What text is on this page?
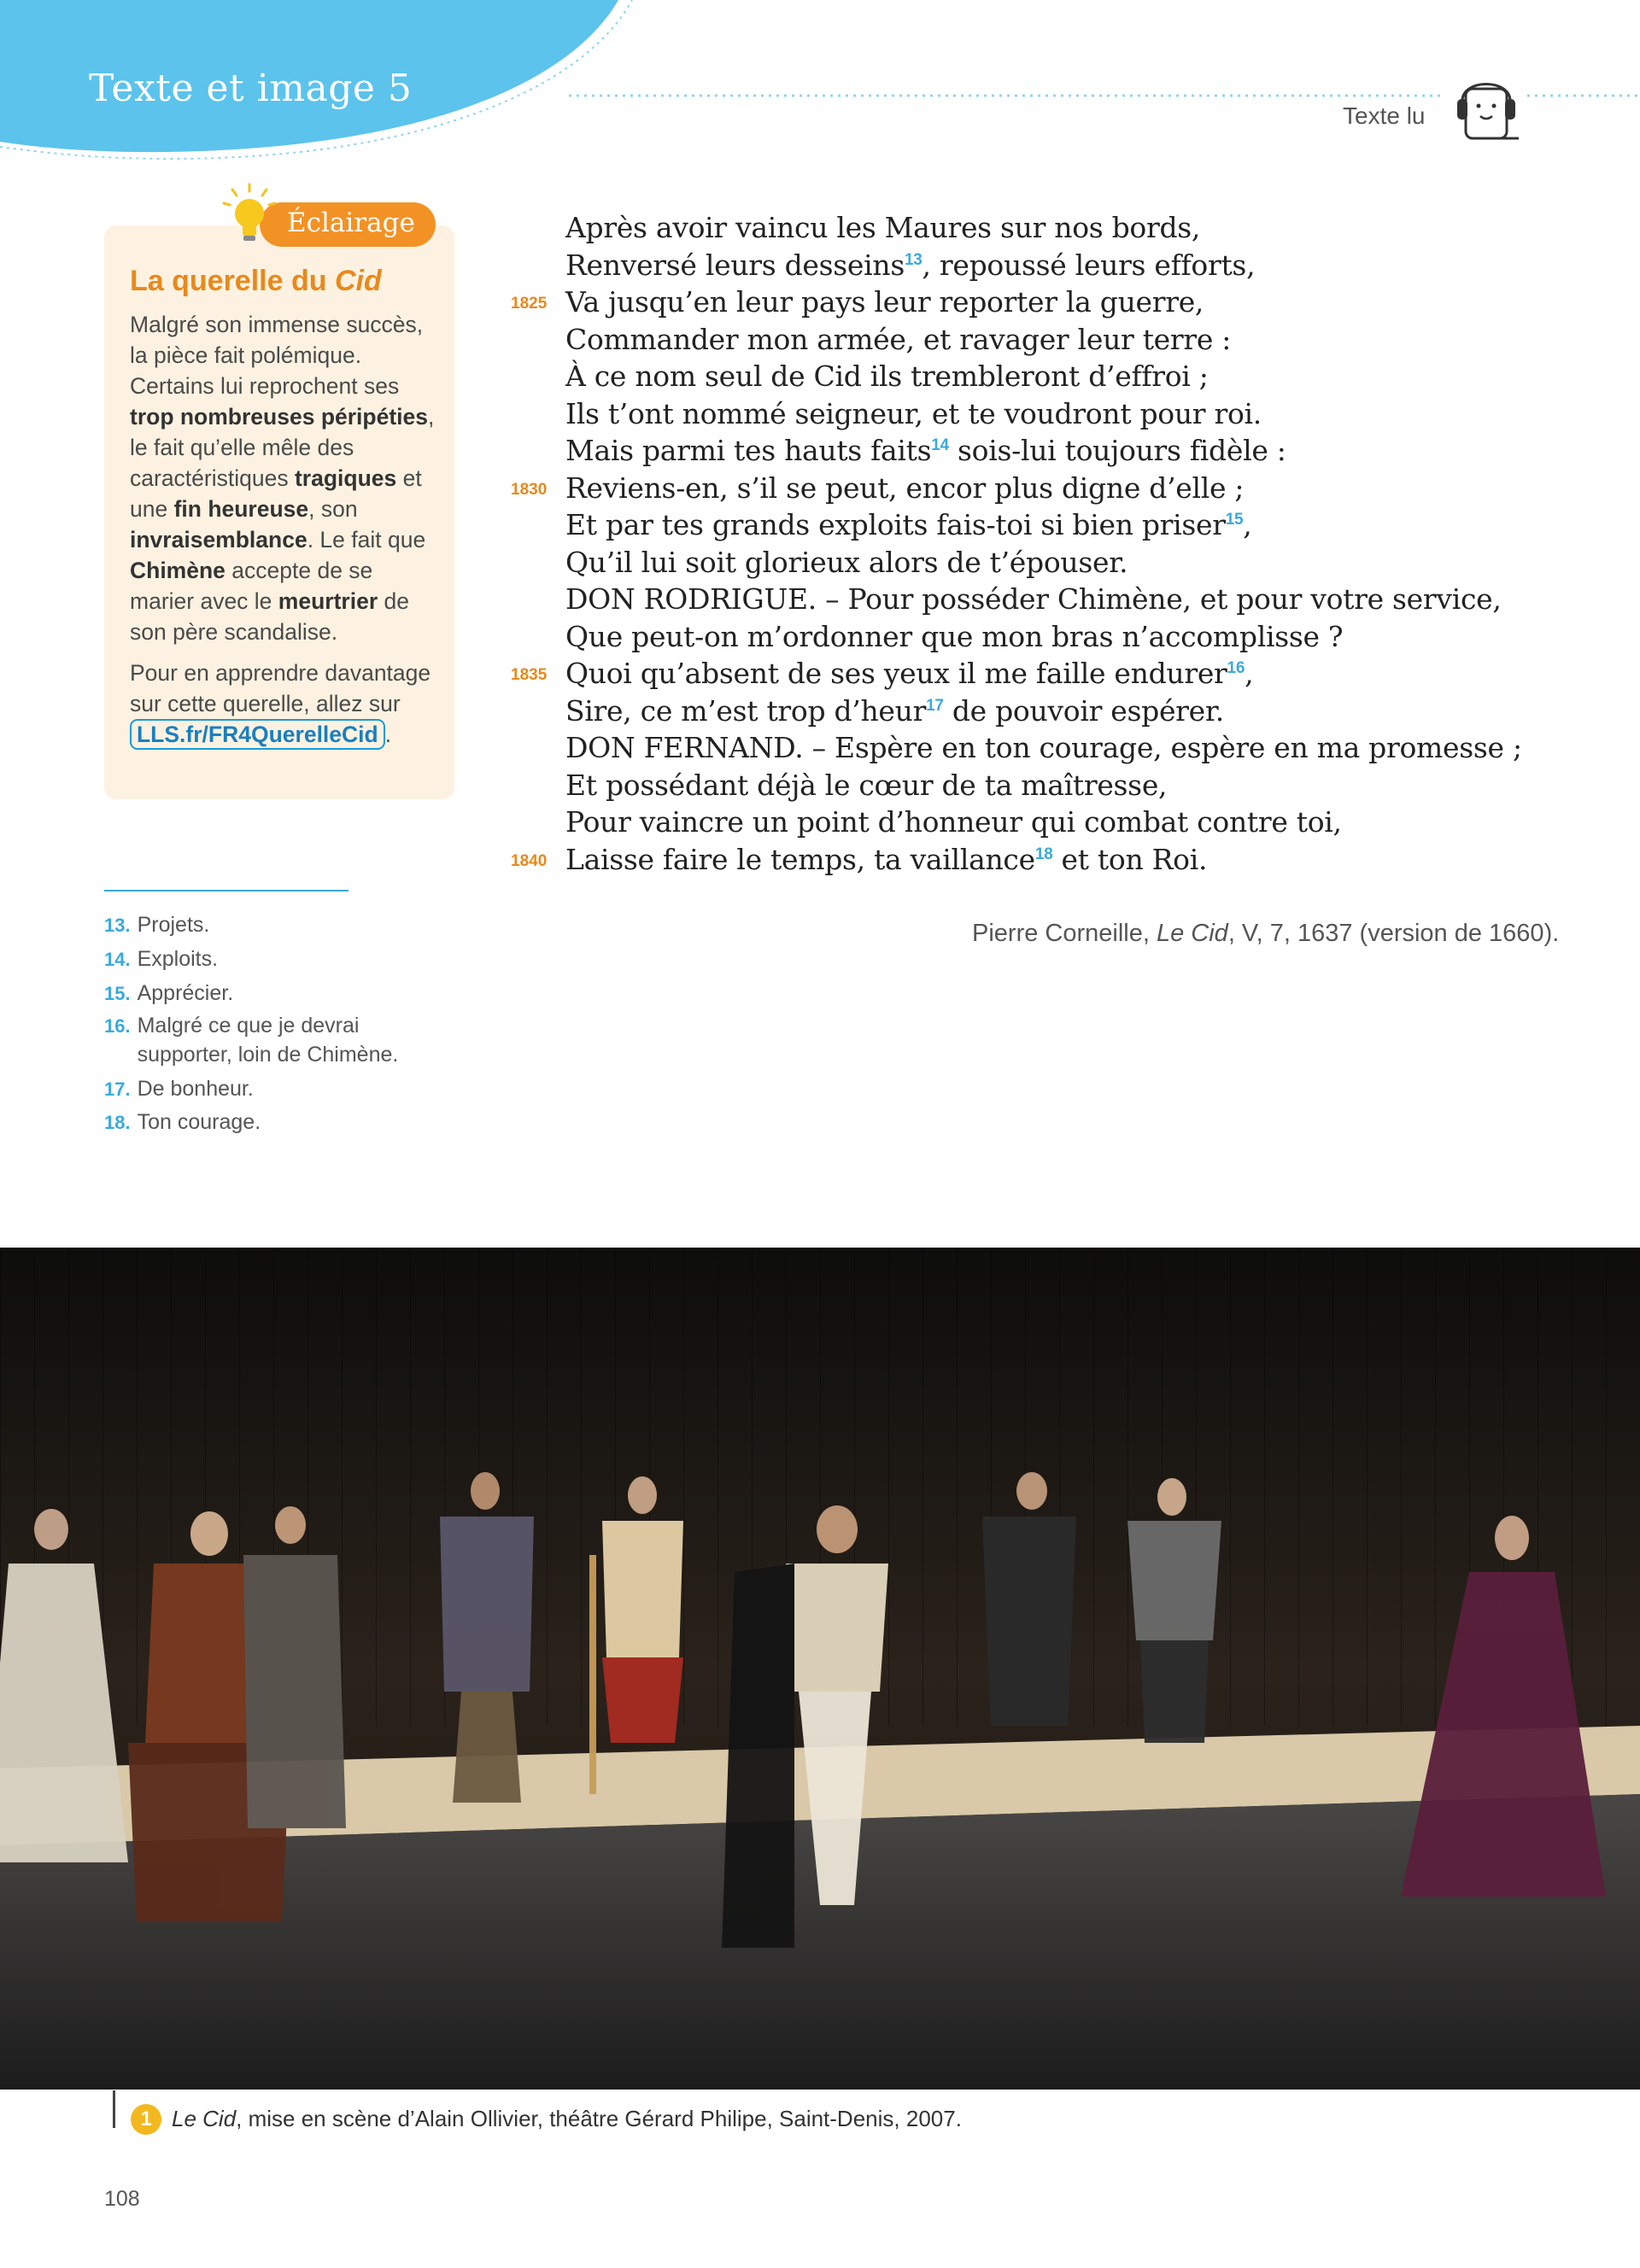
Texte et image 5
Texte lu
Éclairage
La querelle du Cid
Malgré son immense succès, la pièce fait polémique. Certains lui reprochent ses trop nombreuses péripéties, le fait qu’elle mêle des caractéristiques tragiques et une fin heureuse, son invraisemblance. Le fait que Chimène accepte de se marier avec le meurtrier de son père scandalise.
Pour en apprendre davantage sur cette querelle, allez sur LLS.fr/FR4QuerelleCid .
Après avoir vaincu les Maures sur nos bords,
Renversé leurs desseins$^{13}$, repoussé leurs efforts,
Va jusqu’en leur pays leur reporter la guerre,
1825
Commander mon armée, et ravager leur terre :
À ce nom seul de Cid ils trembleront d’effroi ;
Ils t’ont nommé seigneur, et te voudront pour roi.
Mais parmi tes hauts faits$^{14}$ sois-lui toujours fidèle :
Reviens-en, s’il se peut, encor plus digne d’elle ;
1830
Et par tes grands exploits fais-toi si bien priser$^{15}$,
Qu’il lui soit glorieux alors de t’épouser.
DON RODRIGUE. – Pour posséder Chimène, et pour votre service,
Que peut-on m’ordonner que mon bras n’accomplisse ?
Quoi qu’absent de ses yeux il me faille endurer$^{16}$,
1835
Sire, ce m’est trop d’heur$^{17}$ de pouvoir espérer.
DON FERNAND. – Espère en ton courage, espère en ma promesse ;
Et possédant déjà le cœur de ta maîtresse,
Pour vaincre un point d’honneur qui combat contre toi,
Laisse faire le temps, ta vaillance$^{18}$ et ton Roi.
1840
Pierre Corneille, Le Cid, V, 7, 1637 (version de 1660).
13. Projets.
14. Exploits.
15. Apprécier.
16. Malgré ce que je devrai supporter, loin de Chimène.
17. De bonheur.
18. Ton courage.
1 Le Cid, mise en scène d’Alain Ollivier, théâtre Gérard Philipe, Saint-Denis, 2007.
108
